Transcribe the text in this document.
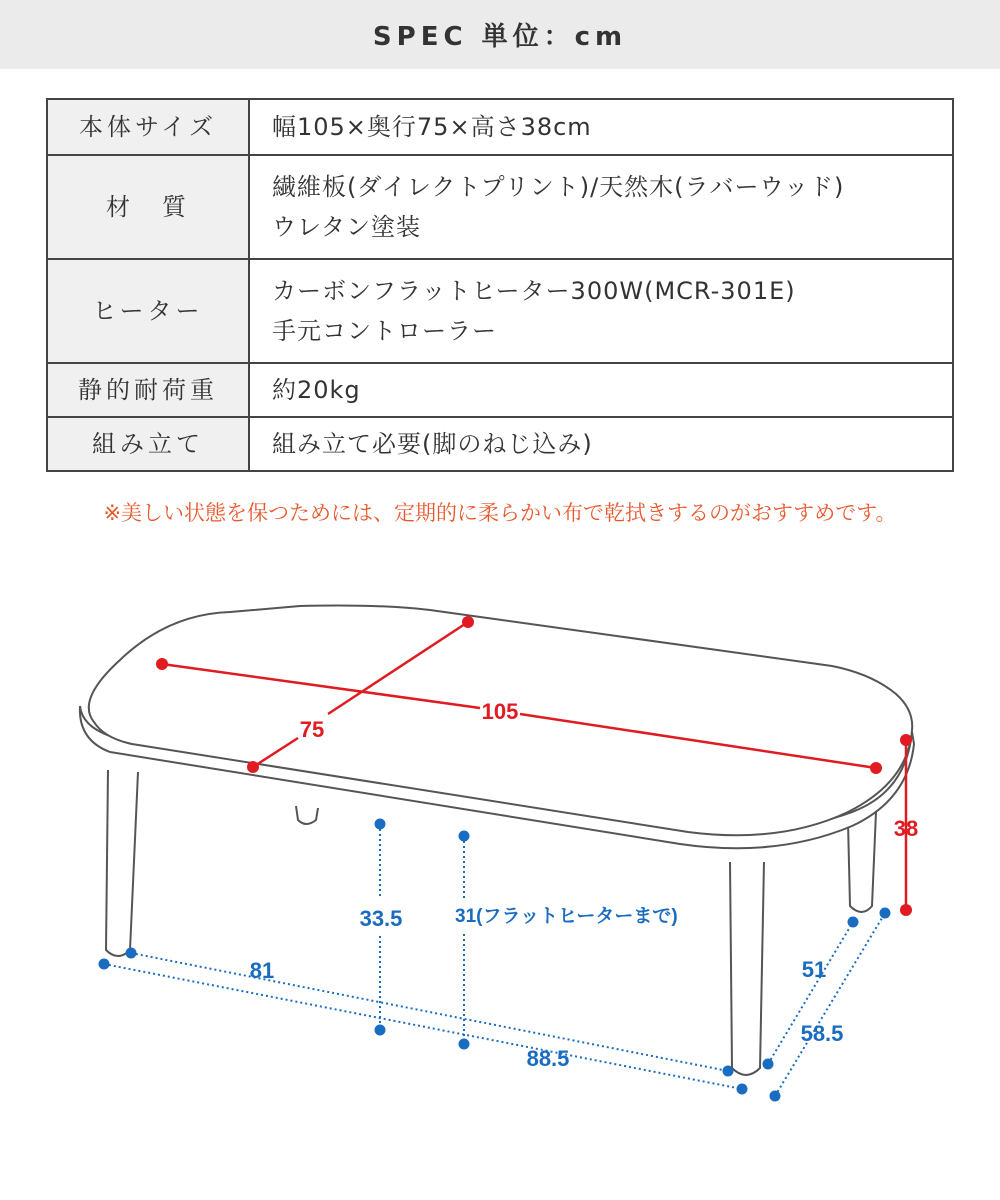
SPEC 単位：cm
本体サイズ	幅105×奥行75×高さ38cm

材　質	繊維板(ダイレクトプリント)/天然木(ラバーウッド)
ウレタン塗装

ヒーター	カーボンフラットヒーター300W(MCR-301E)
手元コントローラー

静的耐荷重	約20kg

組み立て	組み立て必要(脚のねじ込み)
※美しい状態を保つためには、定期的に柔らかい布で乾拭きするのがおすすめです。
105
75
38
81
88.5
33.5	31(フラットヒーターまで)
51
58.5
